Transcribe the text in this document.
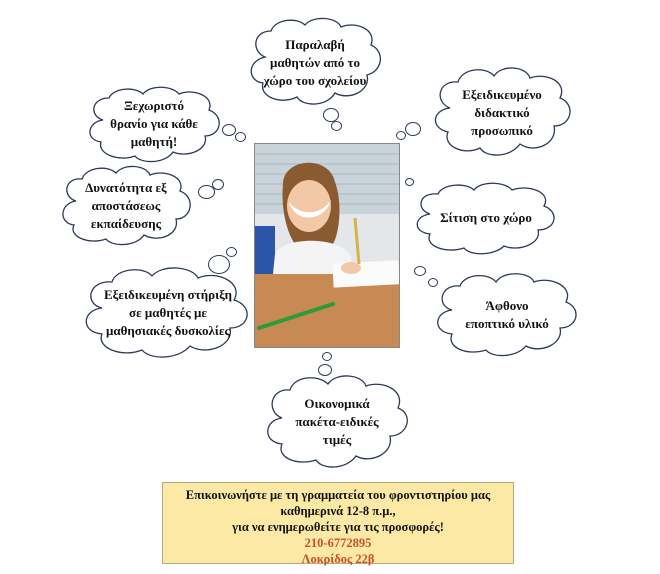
Παραλαβή
μαθητών από το
χώρο του σχολείου
Εξειδικευμένο
διδακτικό
προσωπικό
Ξεχωριστό
θρανίο για κάθε
μαθητή!
Σίτιση στο χώρο
Δυνατότητα εξ
αποστάσεως
εκπαίδευσης
Άφθονο
εποπτικό υλικό
Εξειδικευμένη στήριξη
σε μαθητές με
μαθησιακές δυσκολίες
Οικονομικά
πακέτα-ειδικές
τιμές
Επικοινωνήστε με τη γραμματεία του φροντιστηρίου μας
καθημερινά 12-8 π.μ.,
για να ενημερωθείτε για τις προσφορές!
210-6772895
Λοκρίδος 22β
